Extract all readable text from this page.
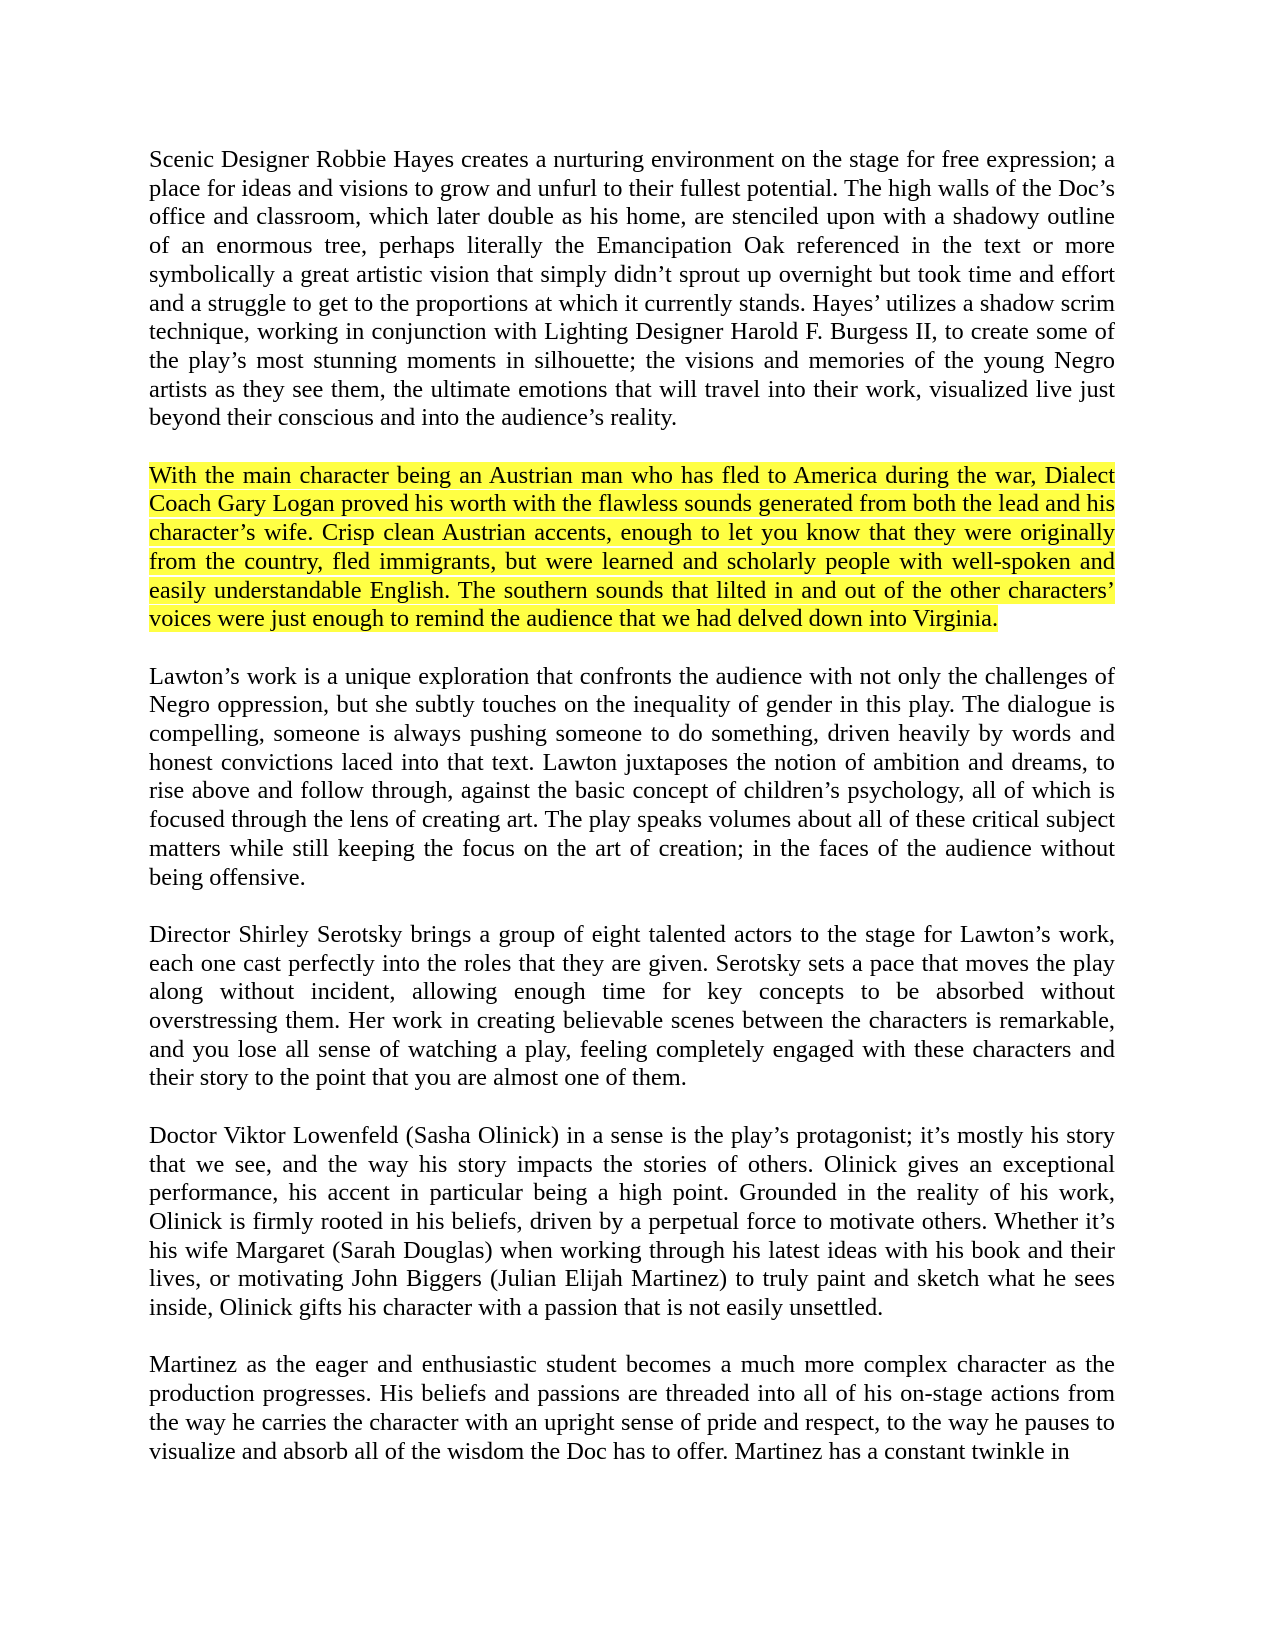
Scenic Designer Robbie Hayes creates a nurturing environment on the stage for free expression; a place for ideas and visions to grow and unfurl to their fullest potential. The high walls of the Doc’s office and classroom, which later double as his home, are stenciled upon with a shadowy outline of an enormous tree, perhaps literally the Emancipation Oak referenced in the text or more symbolically a great artistic vision that simply didn’t sprout up overnight but took time and effort and a struggle to get to the proportions at which it currently stands. Hayes’ utilizes a shadow scrim technique, working in conjunction with Lighting Designer Harold F. Burgess II, to create some of the play’s most stunning moments in silhouette; the visions and memories of the young Negro artists as they see them, the ultimate emotions that will travel into their work, visualized live just beyond their conscious and into the audience’s reality.

With the main character being an Austrian man who has fled to America during the war, Dialect Coach Gary Logan proved his worth with the flawless sounds generated from both the lead and his character’s wife. Crisp clean Austrian accents, enough to let you know that they were originally from the country, fled immigrants, but were learned and scholarly people with well-spoken and easily understandable English. The southern sounds that lilted in and out of the other characters’ voices were just enough to remind the audience that we had delved down into Virginia.

Lawton’s work is a unique exploration that confronts the audience with not only the challenges of Negro oppression, but she subtly touches on the inequality of gender in this play. The dialogue is compelling, someone is always pushing someone to do something, driven heavily by words and honest convictions laced into that text. Lawton juxtaposes the notion of ambition and dreams, to rise above and follow through, against the basic concept of children’s psychology, all of which is focused through the lens of creating art. The play speaks volumes about all of these critical subject matters while still keeping the focus on the art of creation; in the faces of the audience without being offensive.

Director Shirley Serotsky brings a group of eight talented actors to the stage for Lawton’s work, each one cast perfectly into the roles that they are given. Serotsky sets a pace that moves the play along without incident, allowing enough time for key concepts to be absorbed without overstressing them. Her work in creating believable scenes between the characters is remarkable, and you lose all sense of watching a play, feeling completely engaged with these characters and their story to the point that you are almost one of them.

Doctor Viktor Lowenfeld (Sasha Olinick) in a sense is the play’s protagonist; it’s mostly his story that we see, and the way his story impacts the stories of others. Olinick gives an exceptional performance, his accent in particular being a high point. Grounded in the reality of his work, Olinick is firmly rooted in his beliefs, driven by a perpetual force to motivate others. Whether it’s his wife Margaret (Sarah Douglas) when working through his latest ideas with his book and their lives, or motivating John Biggers (Julian Elijah Martinez) to truly paint and sketch what he sees inside, Olinick gifts his character with a passion that is not easily unsettled.

Martinez as the eager and enthusiastic student becomes a much more complex character as the production progresses. His beliefs and passions are threaded into all of his on-stage actions from the way he carries the character with an upright sense of pride and respect, to the way he pauses to visualize and absorb all of the wisdom the Doc has to offer. Martinez has a constant twinkle in
